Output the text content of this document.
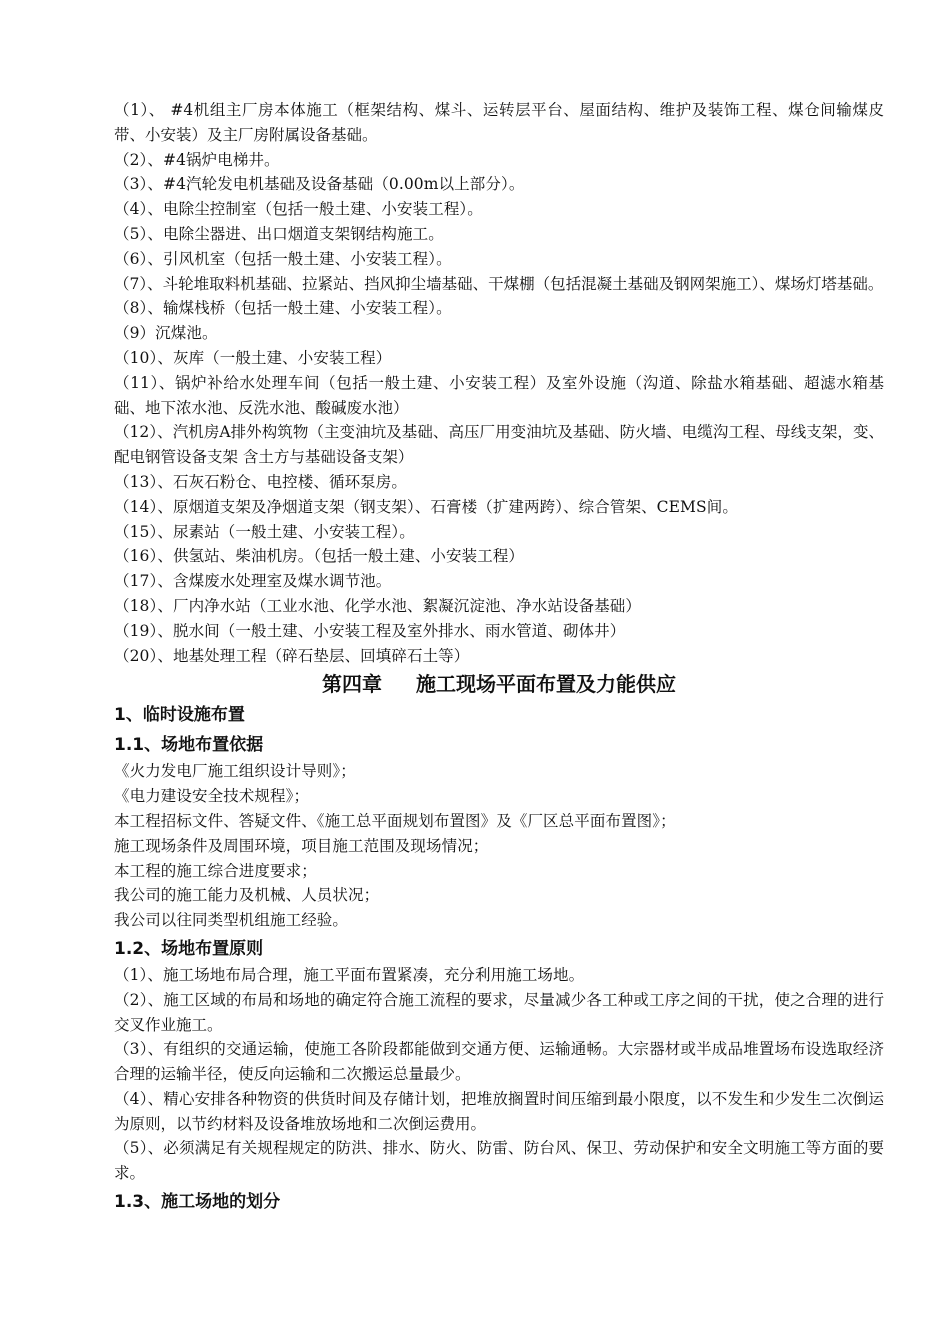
（1）、 #4机组主厂房本体施工（框架结构、煤斗、运转层平台、屋面结构、维护及装饰工程、煤仓间输煤皮带、小安装）及主厂房附属设备基础。
（2）、#4锅炉电梯井。
（3）、#4汽轮发电机基础及设备基础（0.00m以上部分）。
（4）、电除尘控制室（包括一般土建、小安装工程）。
（5）、电除尘器进、出口烟道支架钢结构施工。
（6）、引风机室（包括一般土建、小安装工程）。
（7）、斗轮堆取料机基础、拉紧站、挡风抑尘墙基础、干煤棚（包括混凝土基础及钢网架施工）、煤场灯塔基础。
（8）、输煤栈桥（包括一般土建、小安装工程）。
（9）沉煤池。
（10）、灰库（一般土建、小安装工程）
（11）、锅炉补给水处理车间（包括一般土建、小安装工程）及室外设施（沟道、除盐水箱基础、超滤水箱基础、地下浓水池、反洗水池、酸碱废水池）
（12）、汽机房A排外构筑物（主变油坑及基础、高压厂用变油坑及基础、防火墙、电缆沟工程、母线支架，变、配电钢管设备支架 含土方与基础设备支架）
（13）、石灰石粉仓、电控楼、循环泵房。
（14）、原烟道支架及净烟道支架（钢支架）、石膏楼（扩建两跨）、综合管架、CEMS间。
（15）、尿素站（一般土建、小安装工程）。
（16）、供氢站、柴油机房。（包括一般土建、小安装工程）
（17）、含煤废水处理室及煤水调节池。
（18）、厂内净水站（工业水池、化学水池、絮凝沉淀池、净水站设备基础）
（19）、脱水间（一般土建、小安装工程及室外排水、雨水管道、砌体井）
（20）、地基处理工程（碎石垫层、回填碎石土等）
第四章 施工现场平面布置及力能供应
1、临时设施布置
1.1、场地布置依据
《火力发电厂施工组织设计导则》；
《电力建设安全技术规程》；
本工程招标文件、答疑文件、《施工总平面规划布置图》及《厂区总平面布置图》；
施工现场条件及周围环境，项目施工范围及现场情况；
本工程的施工综合进度要求；
我公司的施工能力及机械、人员状况；
我公司以往同类型机组施工经验。
1.2、场地布置原则
（1）、施工场地布局合理，施工平面布置紧凑，充分利用施工场地。
（2）、施工区域的布局和场地的确定符合施工流程的要求，尽量减少各工种或工序之间的干扰，使之合理的进行交叉作业施工。
（3）、有组织的交通运输，使施工各阶段都能做到交通方便、运输通畅。大宗器材或半成品堆置场布设选取经济合理的运输半径，使反向运输和二次搬运总量最少。
（4）、精心安排各种物资的供货时间及存储计划，把堆放搁置时间压缩到最小限度，以不发生和少发生二次倒运为原则，以节约材料及设备堆放场地和二次倒运费用。
（5）、必须满足有关规程规定的防洪、排水、防火、防雷、防台风、保卫、劳动保护和安全文明施工等方面的要求。
1.3、施工场地的划分
